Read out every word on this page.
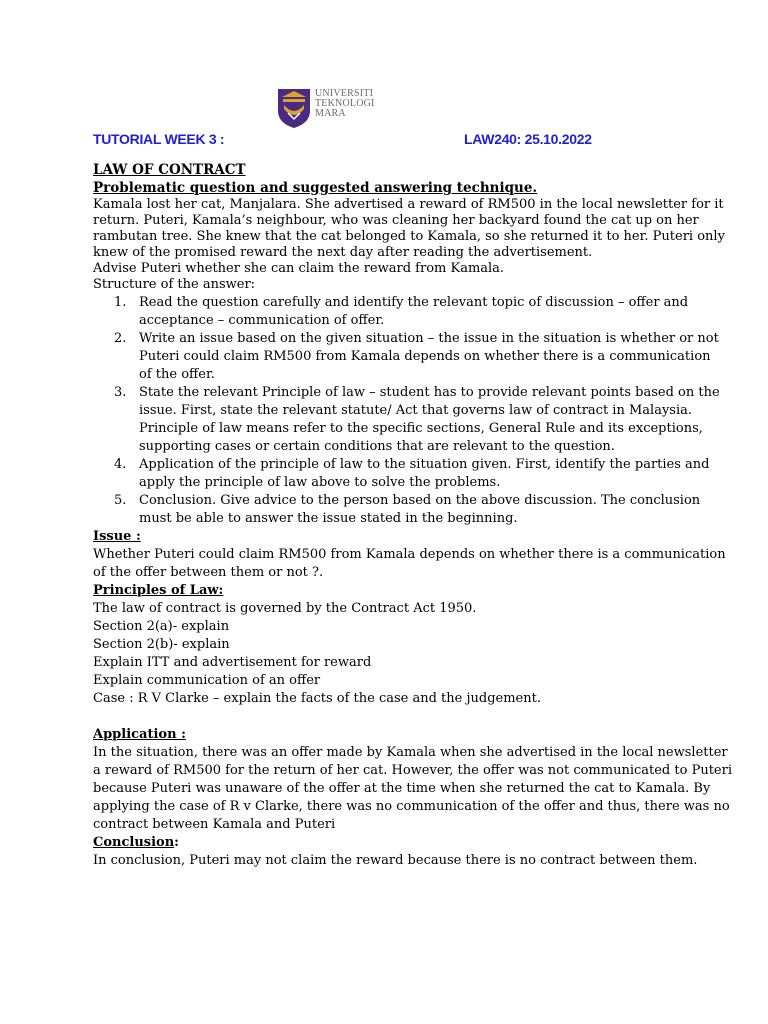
UNIVERSITI
TEKNOLOGI
MARA
TUTORIAL WEEK 3 :	LAW240: 25.10.2022
LAW OF CONTRACT
Problematic question and suggested answering technique.
Kamala lost her cat, Manjalara. She advertised a reward of RM500 in the local newsletter for it
return. Puteri, Kamala’s neighbour, who was cleaning her backyard found the cat up on her
rambutan tree. She knew that the cat belonged to Kamala, so she returned it to her. Puteri only
knew of the promised reward the next day after reading the advertisement.
Advise Puteri whether she can claim the reward from Kamala.
Structure of the answer:
1. Read the question carefully and identify the relevant topic of discussion – offer and
acceptance – communication of offer.
2. Write an issue based on the given situation – the issue in the situation is whether or not
Puteri could claim RM500 from Kamala depends on whether there is a communication
of the offer.
3. State the relevant Principle of law – student has to provide relevant points based on the
issue. First, state the relevant statute/ Act that governs law of contract in Malaysia.
Principle of law means refer to the specific sections, General Rule and its exceptions,
supporting cases or certain conditions that are relevant to the question.
4. Application of the principle of law to the situation given. First, identify the parties and
apply the principle of law above to solve the problems.
5. Conclusion. Give advice to the person based on the above discussion. The conclusion
must be able to answer the issue stated in the beginning.
Issue :
Whether Puteri could claim RM500 from Kamala depends on whether there is a communication
of the offer between them or not ?.
Principles of Law:
The law of contract is governed by the Contract Act 1950.
Section 2(a)- explain
Section 2(b)- explain
Explain ITT and advertisement for reward
Explain communication of an offer
Case : R V Clarke – explain the facts of the case and the judgement.
Application :
In the situation, there was an offer made by Kamala when she advertised in the local newsletter
a reward of RM500 for the return of her cat. However, the offer was not communicated to Puteri
because Puteri was unaware of the offer at the time when she returned the cat to Kamala. By
applying the case of R v Clarke, there was no communication of the offer and thus, there was no
contract between Kamala and Puteri
Conclusion:
In conclusion, Puteri may not claim the reward because there is no contract between them.
